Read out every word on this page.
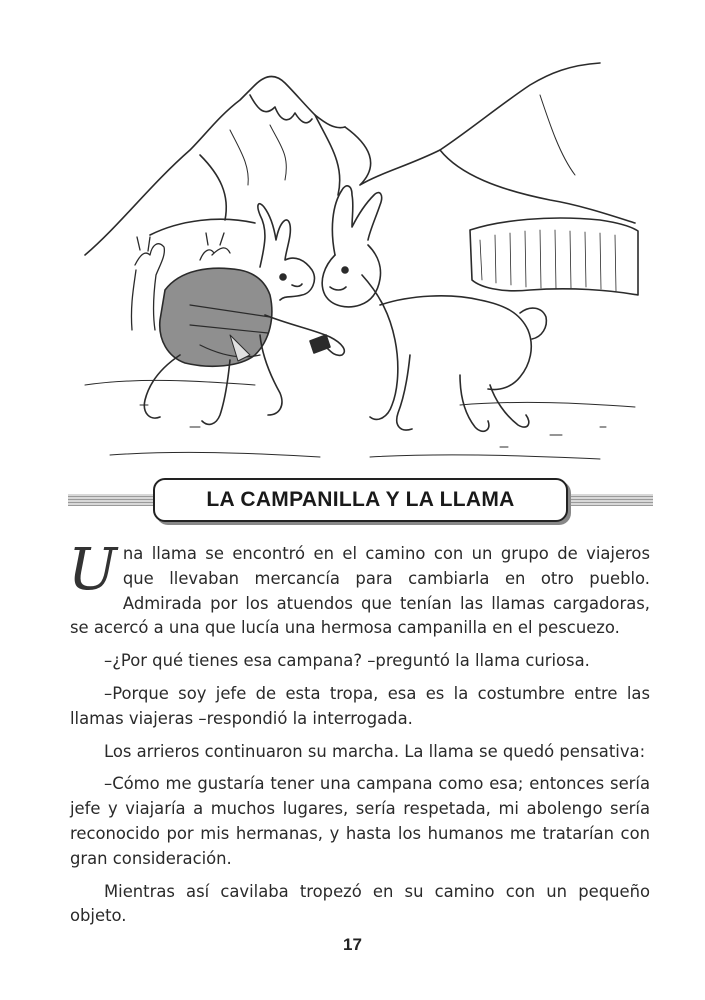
LA CAMPANILLA Y LA LLAMA

Una llama se encontró en el camino con un grupo de viajeros que llevaban mercancía para cambiarla en otro pueblo. Admirada por los atuendos que tenían las llamas cargadoras, se acercó a una que lucía una hermosa campanilla en el pescuezo.

–¿Por qué tienes esa campana? –preguntó la llama curiosa.

–Porque soy jefe de esta tropa, esa es la costumbre entre las llamas viajeras –respondió la interrogada.

Los arrieros continuaron su marcha. La llama se quedó pensativa:

–Cómo me gustaría tener una campana como esa; entonces sería jefe y viajaría a muchos lugares, sería respetada, mi abolengo sería reconocido por mis hermanas, y hasta los humanos me tratarían con gran consideración.

Mientras así cavilaba tropezó en su camino con un pequeño objeto.

17
